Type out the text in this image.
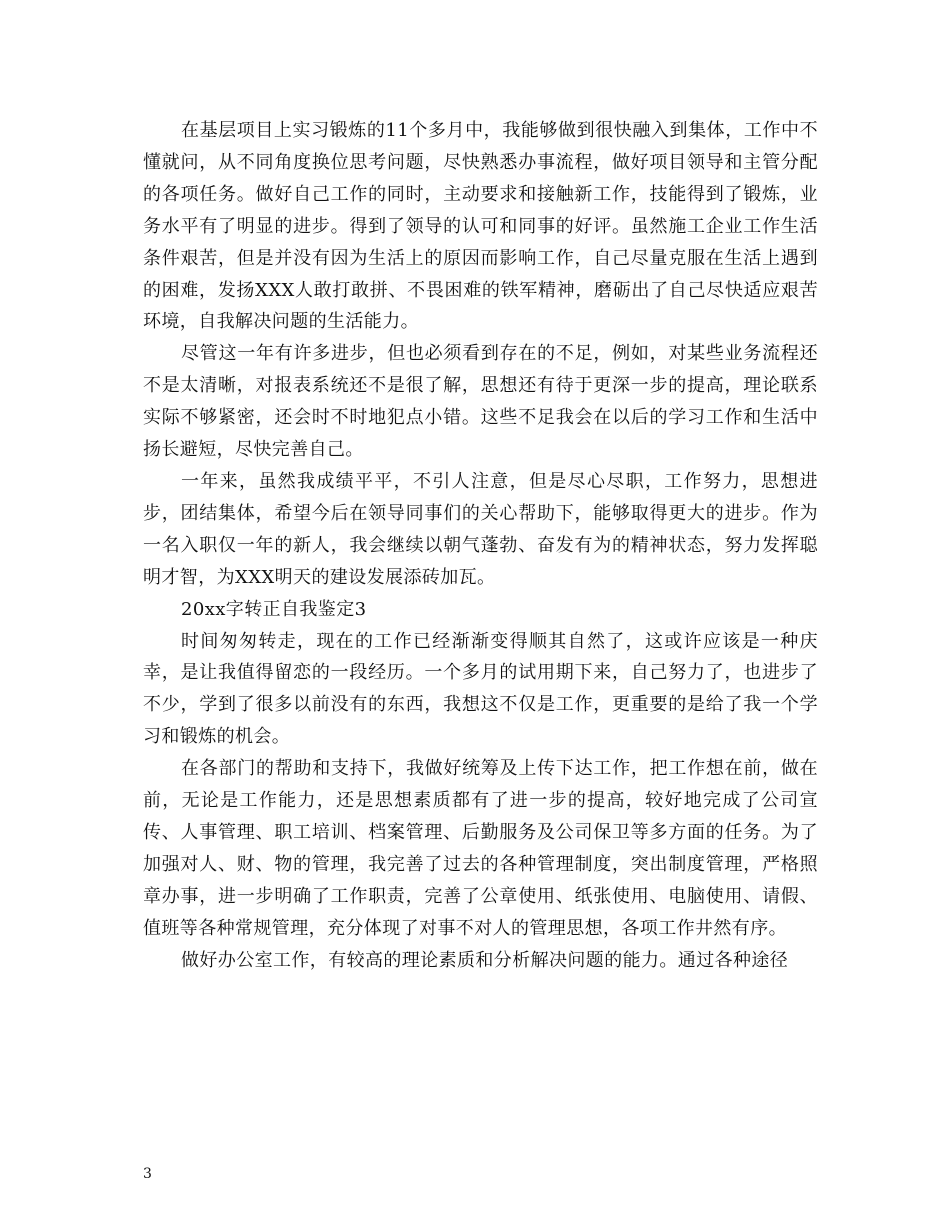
在基层项目上实习锻炼的11个多月中，我能够做到很快融入到集体，工作中不懂就问，从不同角度换位思考问题，尽快熟悉办事流程，做好项目领导和主管分配的各项任务。做好自己工作的同时，主动要求和接触新工作，技能得到了锻炼，业务水平有了明显的进步。得到了领导的认可和同事的好评。虽然施工企业工作生活条件艰苦，但是并没有因为生活上的原因而影响工作，自己尽量克服在生活上遇到的困难，发扬XXX人敢打敢拼、不畏困难的铁军精神，磨砺出了自己尽快适应艰苦环境，自我解决问题的生活能力。

尽管这一年有许多进步，但也必须看到存在的不足，例如，对某些业务流程还不是太清晰，对报表系统还不是很了解，思想还有待于更深一步的提高，理论联系实际不够紧密，还会时不时地犯点小错。这些不足我会在以后的学习工作和生活中扬长避短，尽快完善自己。

一年来，虽然我成绩平平，不引人注意，但是尽心尽职，工作努力，思想进步，团结集体，希望今后在领导同事们的关心帮助下，能够取得更大的进步。作为一名入职仅一年的新人，我会继续以朝气蓬勃、奋发有为的精神状态，努力发挥聪明才智，为XXX明天的建设发展添砖加瓦。

20xx字转正自我鉴定3

时间匆匆转走，现在的工作已经渐渐变得顺其自然了，这或许应该是一种庆幸，是让我值得留恋的一段经历。一个多月的试用期下来，自己努力了，也进步了不少，学到了很多以前没有的东西，我想这不仅是工作，更重要的是给了我一个学习和锻炼的机会。

在各部门的帮助和支持下，我做好统筹及上传下达工作，把工作想在前，做在前，无论是工作能力，还是思想素质都有了进一步的提高，较好地完成了公司宣传、人事管理、职工培训、档案管理、后勤服务及公司保卫等多方面的任务。为了加强对人、财、物的管理，我完善了过去的各种管理制度，突出制度管理，严格照章办事，进一步明确了工作职责，完善了公章使用、纸张使用、电脑使用、请假、值班等各种常规管理，充分体现了对事不对人的管理思想，各项工作井然有序。

做好办公室工作，有较高的理论素质和分析解决问题的能力。通过各种途径

3
